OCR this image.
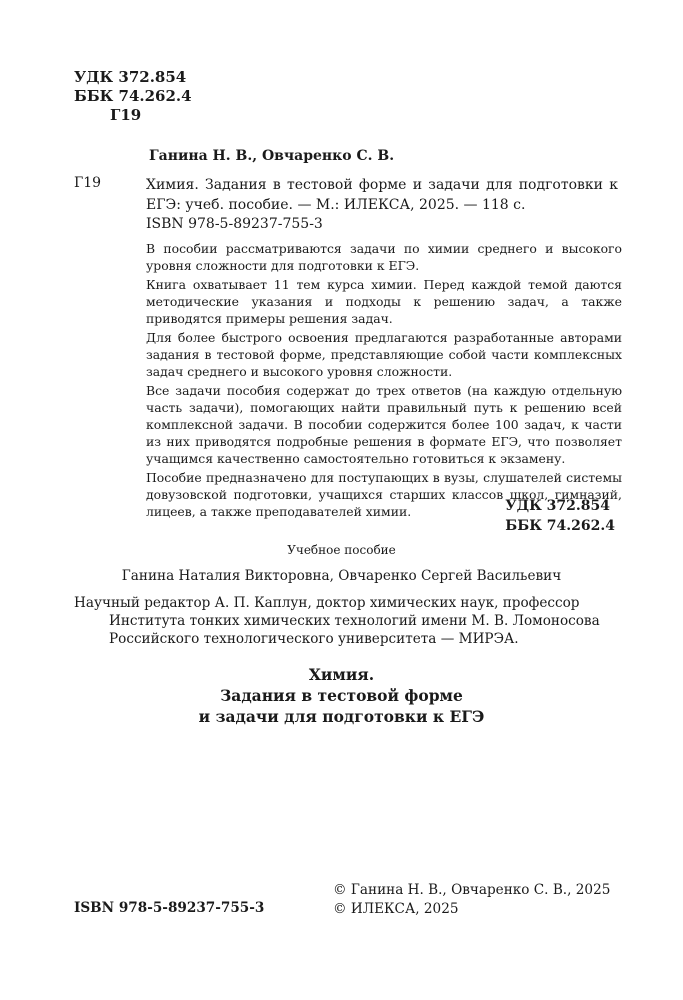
УДК 372.854
ББК 74.262.4
Г19
Ганина Н. В., Овчаренко С. В.
Г19	Химия. Задания в тестовой форме и задачи для подготовки к ЕГЭ: учеб. пособие. — М.: ИЛЕКСА, 2025. — 118 с.
ISBN 978-5-89237-755-3

В пособии рассматриваются задачи по химии среднего и высокого уровня сложности для подготовки к ЕГЭ.

Книга охватывает 11 тем курса химии. Перед каждой темой даются методические указания и подходы к решению задач, а также приводятся примеры решения задач.

Для более быстрого освоения предлагаются разработанные авторами задания в тестовой форме, представляющие собой части комплексных задач среднего и высокого уровня сложности.

Все задачи пособия содержат до трех ответов (на каждую отдельную часть задачи), помогающих найти правильный путь к решению всей комплексной задачи. В пособии содержится более 100 задач, к части из них приводятся подробные решения в формате ЕГЭ, что позволяет учащимся качественно самостоятельно готовиться к экзамену.

Пособие предназначено для поступающих в вузы, слушателей системы довузовской подготовки, учащихся старших классов школ, гимназий, лицеев, а также преподавателей химии.	УДК 372.854
ББК 74.262.4
Учебное пособие
Ганина Наталия Викторовна, Овчаренко Сергей Васильевич
Научный редактор А. П. Каплун, доктор химических наук, профессор
Института тонких химических технологий имени М. В. Ломоносова Российского технологического университета — МИРЭА.
Химия.
Задания в тестовой форме
и задачи для подготовки к ЕГЭ
© Ганина Н. В., Овчаренко С. В., 2025
© ИЛЕКСА, 2025
ISBN 978-5-89237-755-3
